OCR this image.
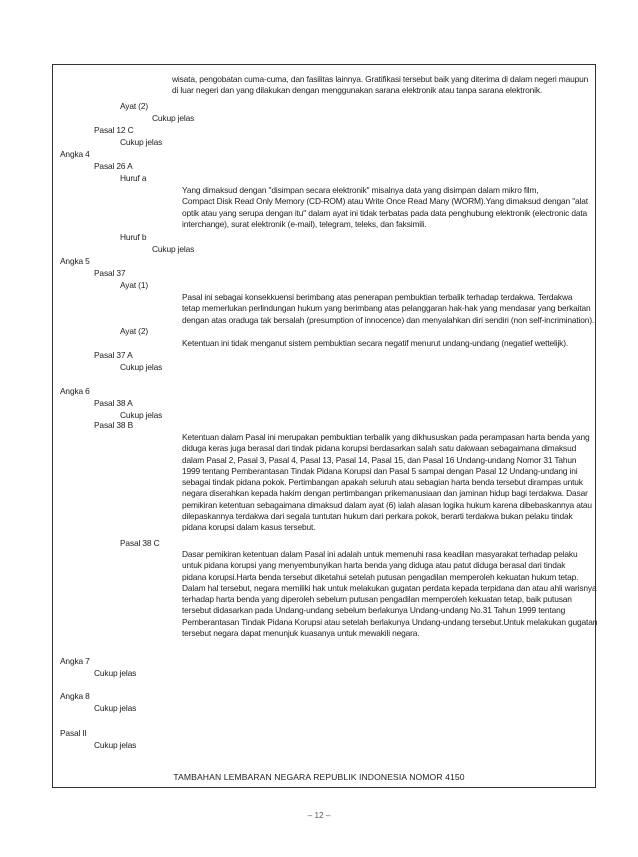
wisata, pengobatan cuma-cuma, dan fasilitas lainnya. Gratifikasi tersebut baik yang diterima di dalam negeri maupun
di luar negeri dan yang dilakukan dengan menggunakan sarana elektronik atau tanpa sarana elektronik.
Ayat (2)
Cukup jelas
Pasal 12 C
Cukup jelas
Angka 4
Pasal 26 A
Huruf a
Yang dimaksud dengan "disimpan secara elektronik" misalnya data yang disimpan dalam mikro film,
Compact Disk Read Only Memory (CD-ROM) atau Write Once Read Many (WORM).Yang dimaksud dengan "alat
optik atau yang serupa dengan itu" dalam ayat ini tidak terbatas pada data penghubung elektronik (electronic data
interchange), surat elektronik (e-mail), telegram, teleks, dan faksimili.
Huruf b
Cukup jelas
Angka 5
Pasal 37
Ayat (1)
Pasal ini sebagai konsekkuensi berimbang atas penerapan pembuktian terbalik terhadap terdakwa. Terdakwa
tetap memerlukan perlindungan hukum yang berimbang atas pelanggaran hak-hak yang mendasar yang berkaitan
dengan atas oraduga tak bersalah (presumption of innocence) dan menyalahkan diri sendiri (non self-incrimination).
Ayat (2)
Ketentuan ini tidak menganut sistem pembuktian secara negatif menurut undang-undang (negatief wettelijk).
Pasal 37 A
Cukup jelas
Angka 6
Pasal 38 A
Cukup jelas
Pasal 38 B
Ketentuan dalam Pasal ini merupakan pembuktian terbalik yang dikhususkan pada perampasan harta benda yang
diduga keras juga berasal dari tindak pidana korupsi berdasarkan salah satu dakwaan sebagaimana dimaksud
dalam Pasal 2, Pasal 3, Pasal 4, Pasal 13, Pasal 14, Pasal 15, dan Pasal 16 Undang-undang Nomor 31 Tahun
1999 tentang Pemberantasan Tindak Pidana Korupsi dan Pasal 5 sampai dengan Pasal 12 Undang-undang ini
sebagai tindak pidana pokok. Pertimbangan apakah seluruh atau sebagian harta benda tersebut dirampas untuk
negara diserahkan kepada hakim dengan pertimbangan prikemanusiaan dan jaminan hidup bagi terdakwa. Dasar
pemikiran ketentuan sebagaimana dimaksud dalam ayat (6) ialah alasan logika hukum karena dibebaskannya atau
dilepaskannya terdakwa dari segala tuntutan hukum dari perkara pokok, berarti terdakwa bukan pelaku tindak
pidana korupsi dalam kasus tersebut.
Pasal 38 C
Dasar pemikiran ketentuan dalam Pasal ini adalah untuk memenuhi rasa keadilan masyarakat terhadap pelaku
untuk pidana korupsi yang menyembunyikan harta benda yang diduga atau patut diduga berasal dari tindak
pidana korupsi.Harta benda tersebut diketahui setelah putusan pengadilan memperoleh kekuatan hukum tetap.
Dalam hal tersebut, negara memiliki hak untuk melakukan gugatan perdata kepada terpidana dan atau ahli warisnya
terhadap harta benda yang diperoleh sebelum putusan pengadilan memperoleh kekuatan tetap, baik putusan
tersebut didasarkan pada Undang-undang sebelum berlakunya Undang-undang No.31 Tahun 1999 tentang
Pemberantasan Tindak Pidana Korupsi atau setelah berlakunya Undang-undang tersebut.Untuk melakukan gugatan
tersebut negara dapat menunjuk kuasanya untuk mewakili negara.
Angka 7
Cukup jelas
Angka 8
Cukup jelas
Pasal II
Cukup jelas
TAMBAHAN LEMBARAN NEGARA REPUBLIK INDONESIA NOMOR 4150
– 12 –
